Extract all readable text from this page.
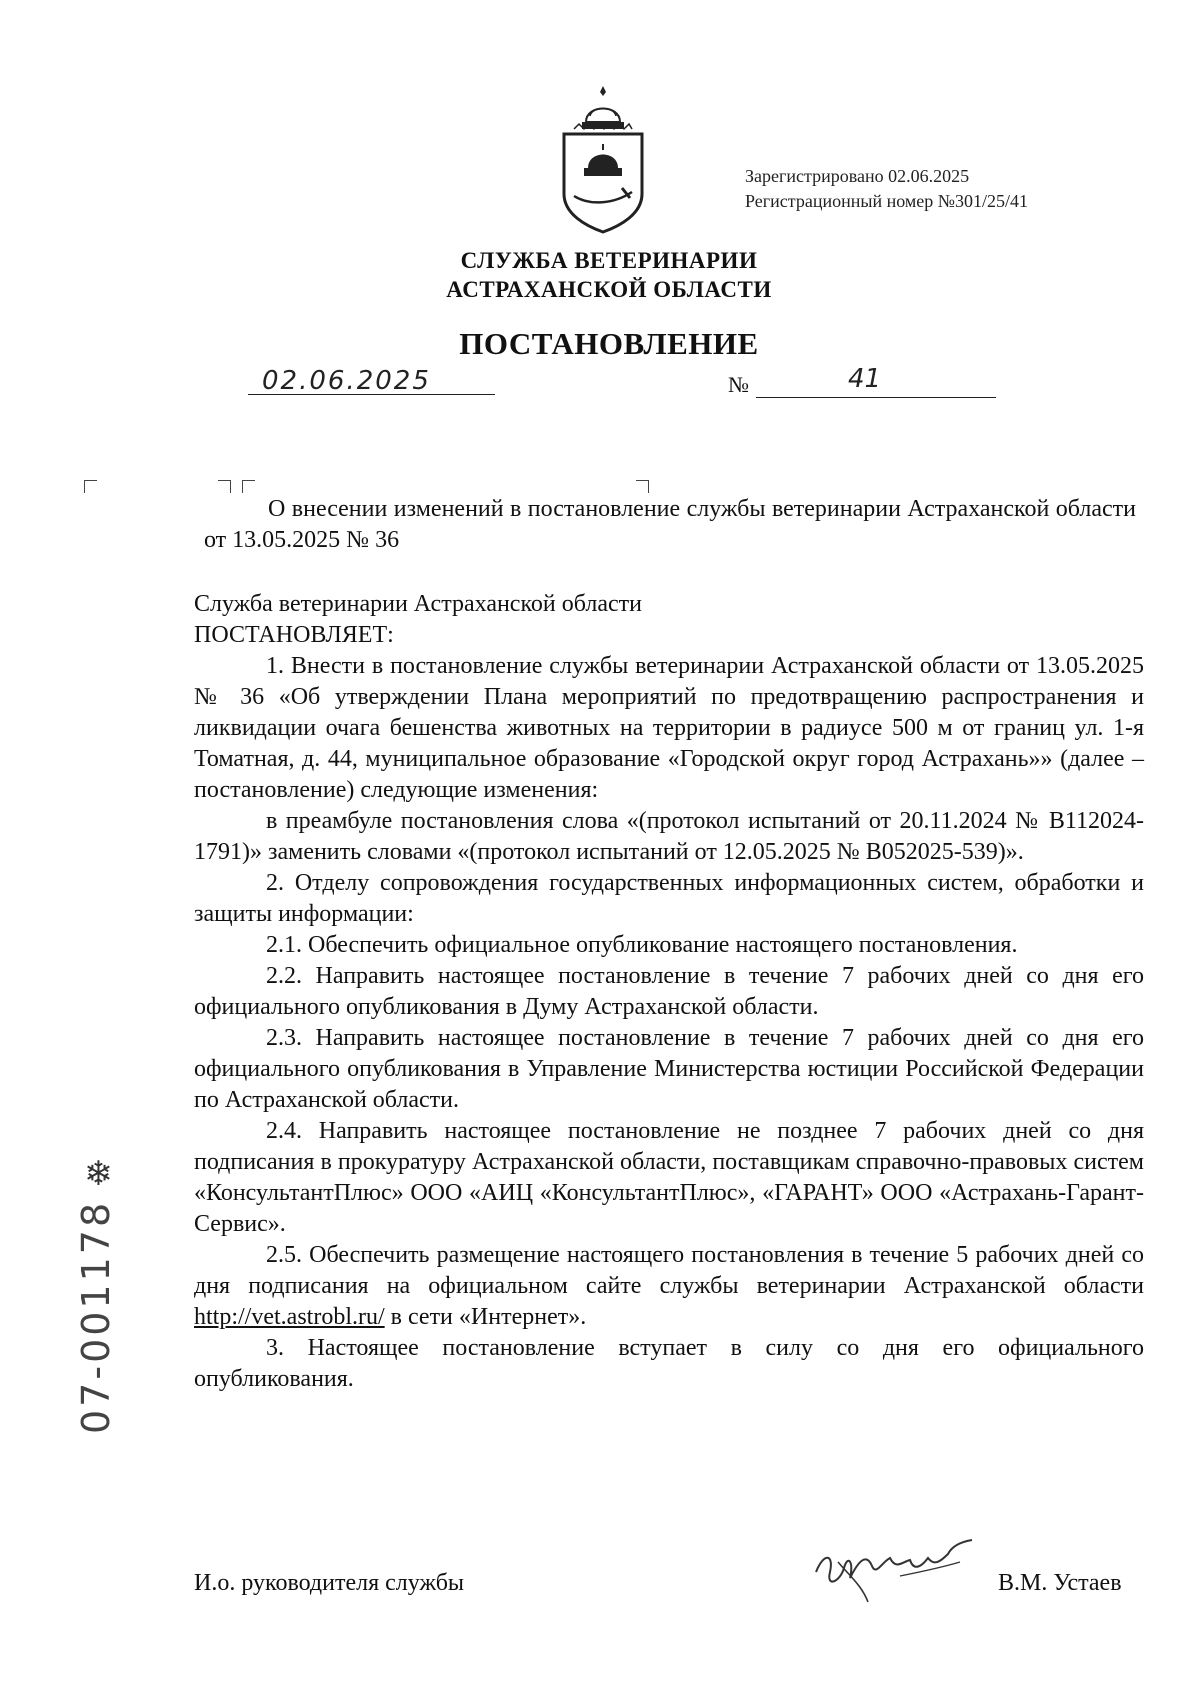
Зарегистрировано 02.06.2025
Регистрационный номер №301/25/41
СЛУЖБА ВЕТЕРИНАРИИ
АСТРАХАНСКОЙ ОБЛАСТИ
ПОСТАНОВЛЕНИЕ
02.06.2025	№	41
О внесении изменений в постановление службы ветеринарии Астраханской области от 13.05.2025 № 36

Служба ветеринарии Астраханской области

ПОСТАНОВЛЯЕТ:

1. Внести в постановление службы ветеринарии Астраханской области от 13.05.2025 № 36 «Об утверждении Плана мероприятий по предотвращению распространения и ликвидации очага бешенства животных на территории в радиусе 500 м от границ ул. 1-я Томатная, д. 44, муниципальное образование «Городской округ город Астрахань»» (далее – постановление) следующие изменения:

в преамбуле постановления слова «(протокол испытаний от 20.11.2024 № В112024-1791)» заменить словами «(протокол испытаний от 12.05.2025 № В052025-539)».

2. Отделу сопровождения государственных информационных систем, обработки и защиты информации:

2.1. Обеспечить официальное опубликование настоящего постановления.

2.2. Направить настоящее постановление в течение 7 рабочих дней со дня его официального опубликования в Думу Астраханской области.

2.3. Направить настоящее постановление в течение 7 рабочих дней со дня его официального опубликования в Управление Министерства юстиции Российской Федерации по Астраханской области.

2.4. Направить настоящее постановление не позднее 7 рабочих дней со дня подписания в прокуратуру Астраханской области, поставщикам справочно-правовых систем «КонсультантПлюс» ООО «АИЦ «КонсультантПлюс», «ГАРАНТ» ООО «Астрахань-Гарант-Сервис».

2.5. Обеспечить размещение настоящего постановления в течение 5 рабочих дней со дня подписания на официальном сайте службы ветеринарии Астраханской области http://vet.astrobl.ru/ в сети «Интернет».

3. Настоящее постановление вступает в силу со дня его официального опубликования.

❄
07-001178
И.о. руководителя службы	В.М. Устаев
